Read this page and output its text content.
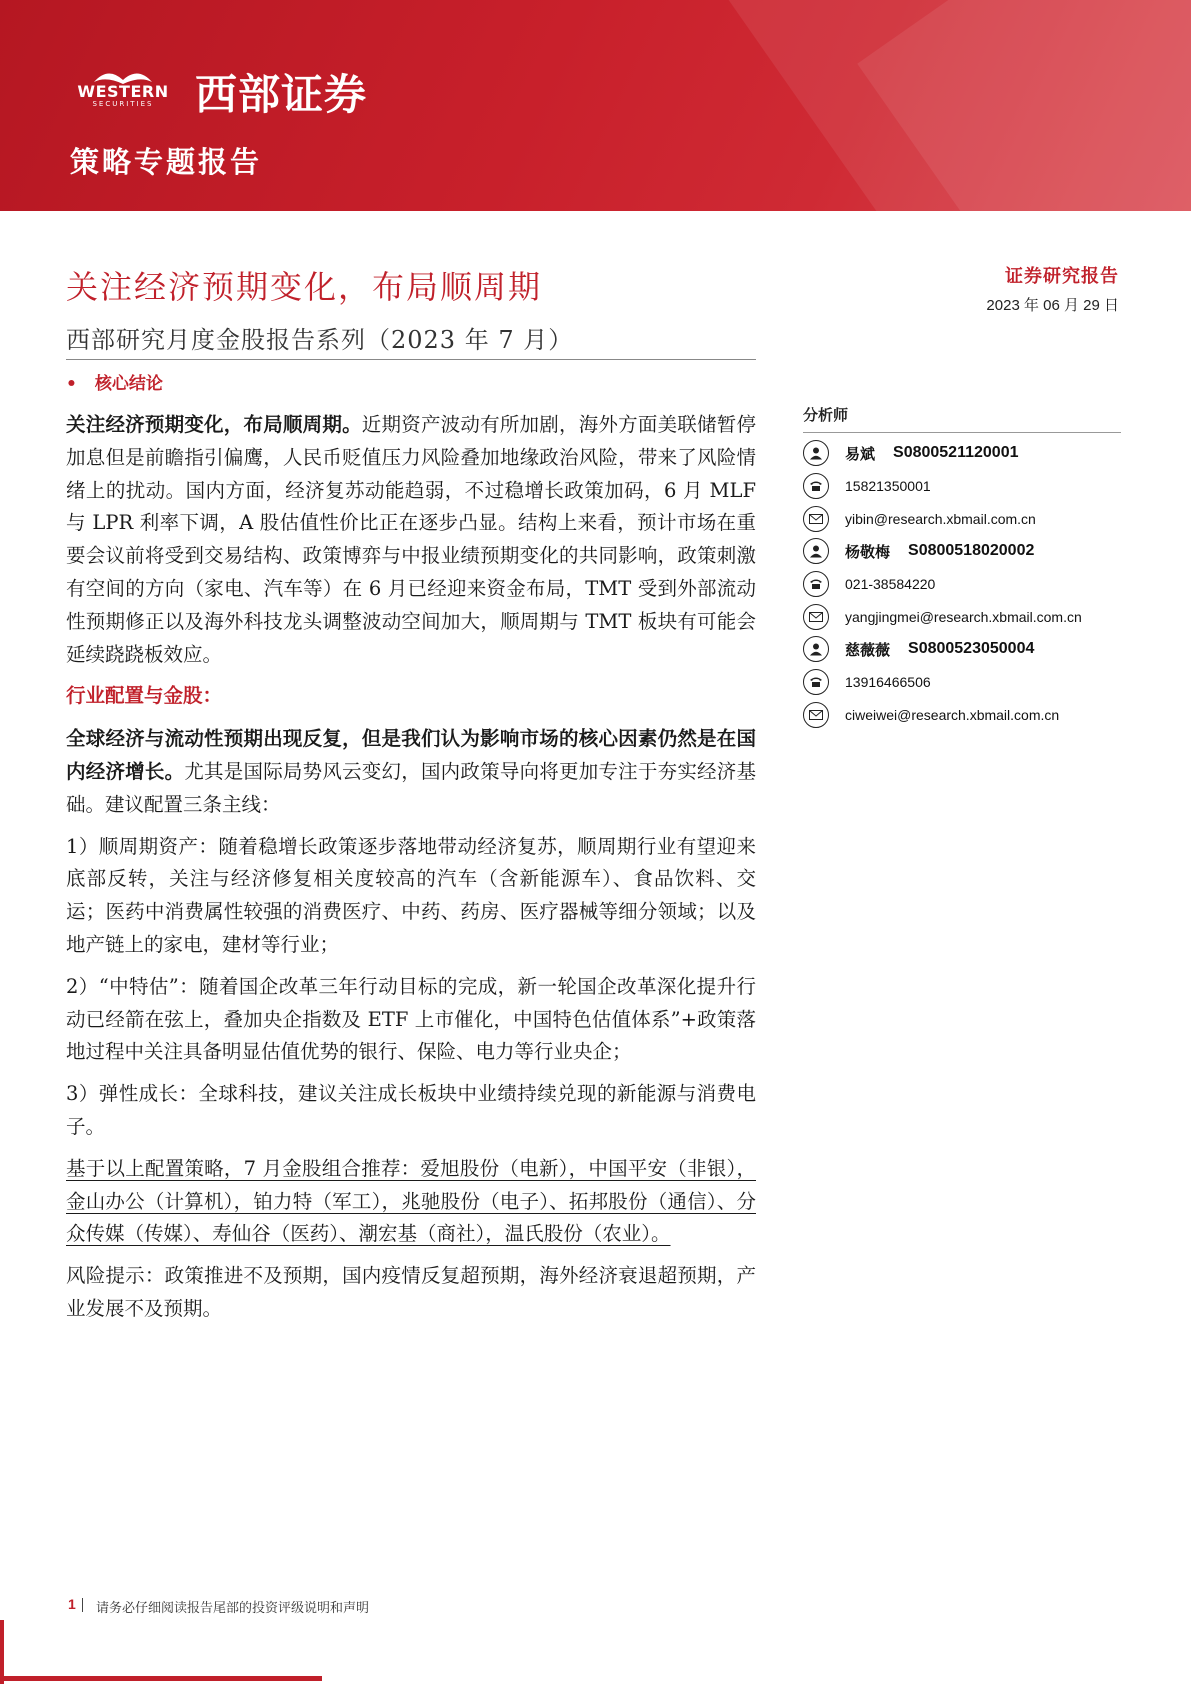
WESTERN
SECURITIES 西部证券
策略专题报告
证券研究报告
2023 年 06 月 29 日
关注经济预期变化，布局顺周期
西部研究月度金股报告系列（2023 年 7 月）
• 核心结论

关注经济预期变化，布局顺周期。近期资产波动有所加剧，海外方面美联储暂停加息但是前瞻指引偏鹰，人民币贬值压力风险叠加地缘政治风险，带来了风险情绪上的扰动。国内方面，经济复苏动能趋弱，不过稳增长政策加码，6 月 MLF 与 LPR 利率下调，A 股估值性价比正在逐步凸显。结构上来看，预计市场在重要会议前将受到交易结构、政策博弈与中报业绩预期变化的共同影响，政策刺激有空间的方向（家电、汽车等）在 6 月已经迎来资金布局，TMT 受到外部流动性预期修正以及海外科技龙头调整波动空间加大，顺周期与 TMT 板块有可能会延续跷跷板效应。

行业配置与金股：

全球经济与流动性预期出现反复，但是我们认为影响市场的核心因素仍然是在国内经济增长。尤其是国际局势风云变幻，国内政策导向将更加专注于夯实经济基础。建议配置三条主线：

1）顺周期资产：随着稳增长政策逐步落地带动经济复苏，顺周期行业有望迎来底部反转，关注与经济修复相关度较高的汽车（含新能源车）、食品饮料、交运；医药中消费属性较强的消费医疗、中药、药房、医疗器械等细分领域；以及地产链上的家电，建材等行业；

2）“中特估”：随着国企改革三年行动目标的完成，新一轮国企改革深化提升行动已经箭在弦上，叠加央企指数及 ETF 上市催化，中国特色估值体系”+政策落地过程中关注具备明显估值优势的银行、保险、电力等行业央企；

3）弹性成长：全球科技，建议关注成长板块中业绩持续兑现的新能源与消费电子。

基于以上配置策略，7 月金股组合推荐：爱旭股份（电新），中国平安（非银），金山办公（计算机），铂力特（军工），兆驰股份（电子）、拓邦股份（通信）、分众传媒（传媒）、寿仙谷（医药）、潮宏基（商社），温氏股份（农业）。

风险提示：政策推进不及预期，国内疫情反复超预期，海外经济衰退超预期，产业发展不及预期。

分析师
易斌 S0800521120001
15821350001
yibin@research.xbmail.com.cn
杨敬梅 S0800518020002
021-38584220
yangjingmei@research.xbmail.com.cn
慈薇薇 S0800523050004
13916466506
ciweiwei@research.xbmail.com.cn
1 请务必仔细阅读报告尾部的投资评级说明和声明
